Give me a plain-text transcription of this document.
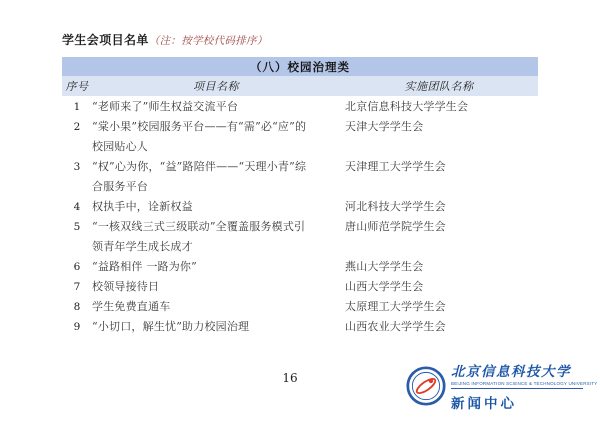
学生会项目名单（注：按学校代码排序）
（八）校园治理类		
序号	项目名称	实施团队名称
1	“老师来了”师生权益交流平台	北京信息科技大学学生会
2	“棠小果”校园服务平台——有“需”必“应”的校园贴心人	天津大学学生会
3	“权”心为你，“益”路陪伴——“天理小青”综合服务平台	天津理工大学学生会
4	权执手中，诠新权益	河北科技大学学生会
5	“一核双线三式三级联动”全覆盖服务模式引领青年学生成长成才	唐山师范学院学生会
6	“益路相伴 一路为你”	燕山大学学生会
7	校领导接待日	山西大学学生会
8	学生免费直通车	太原理工大学学生会
9	“小切口，解生忧”助力校园治理	山西农业大学学生会
16	北京信息科技大学
BEIJING INFORMATION SCIENCE & TECHNOLOGY UNIVERSITY
新闻中心
